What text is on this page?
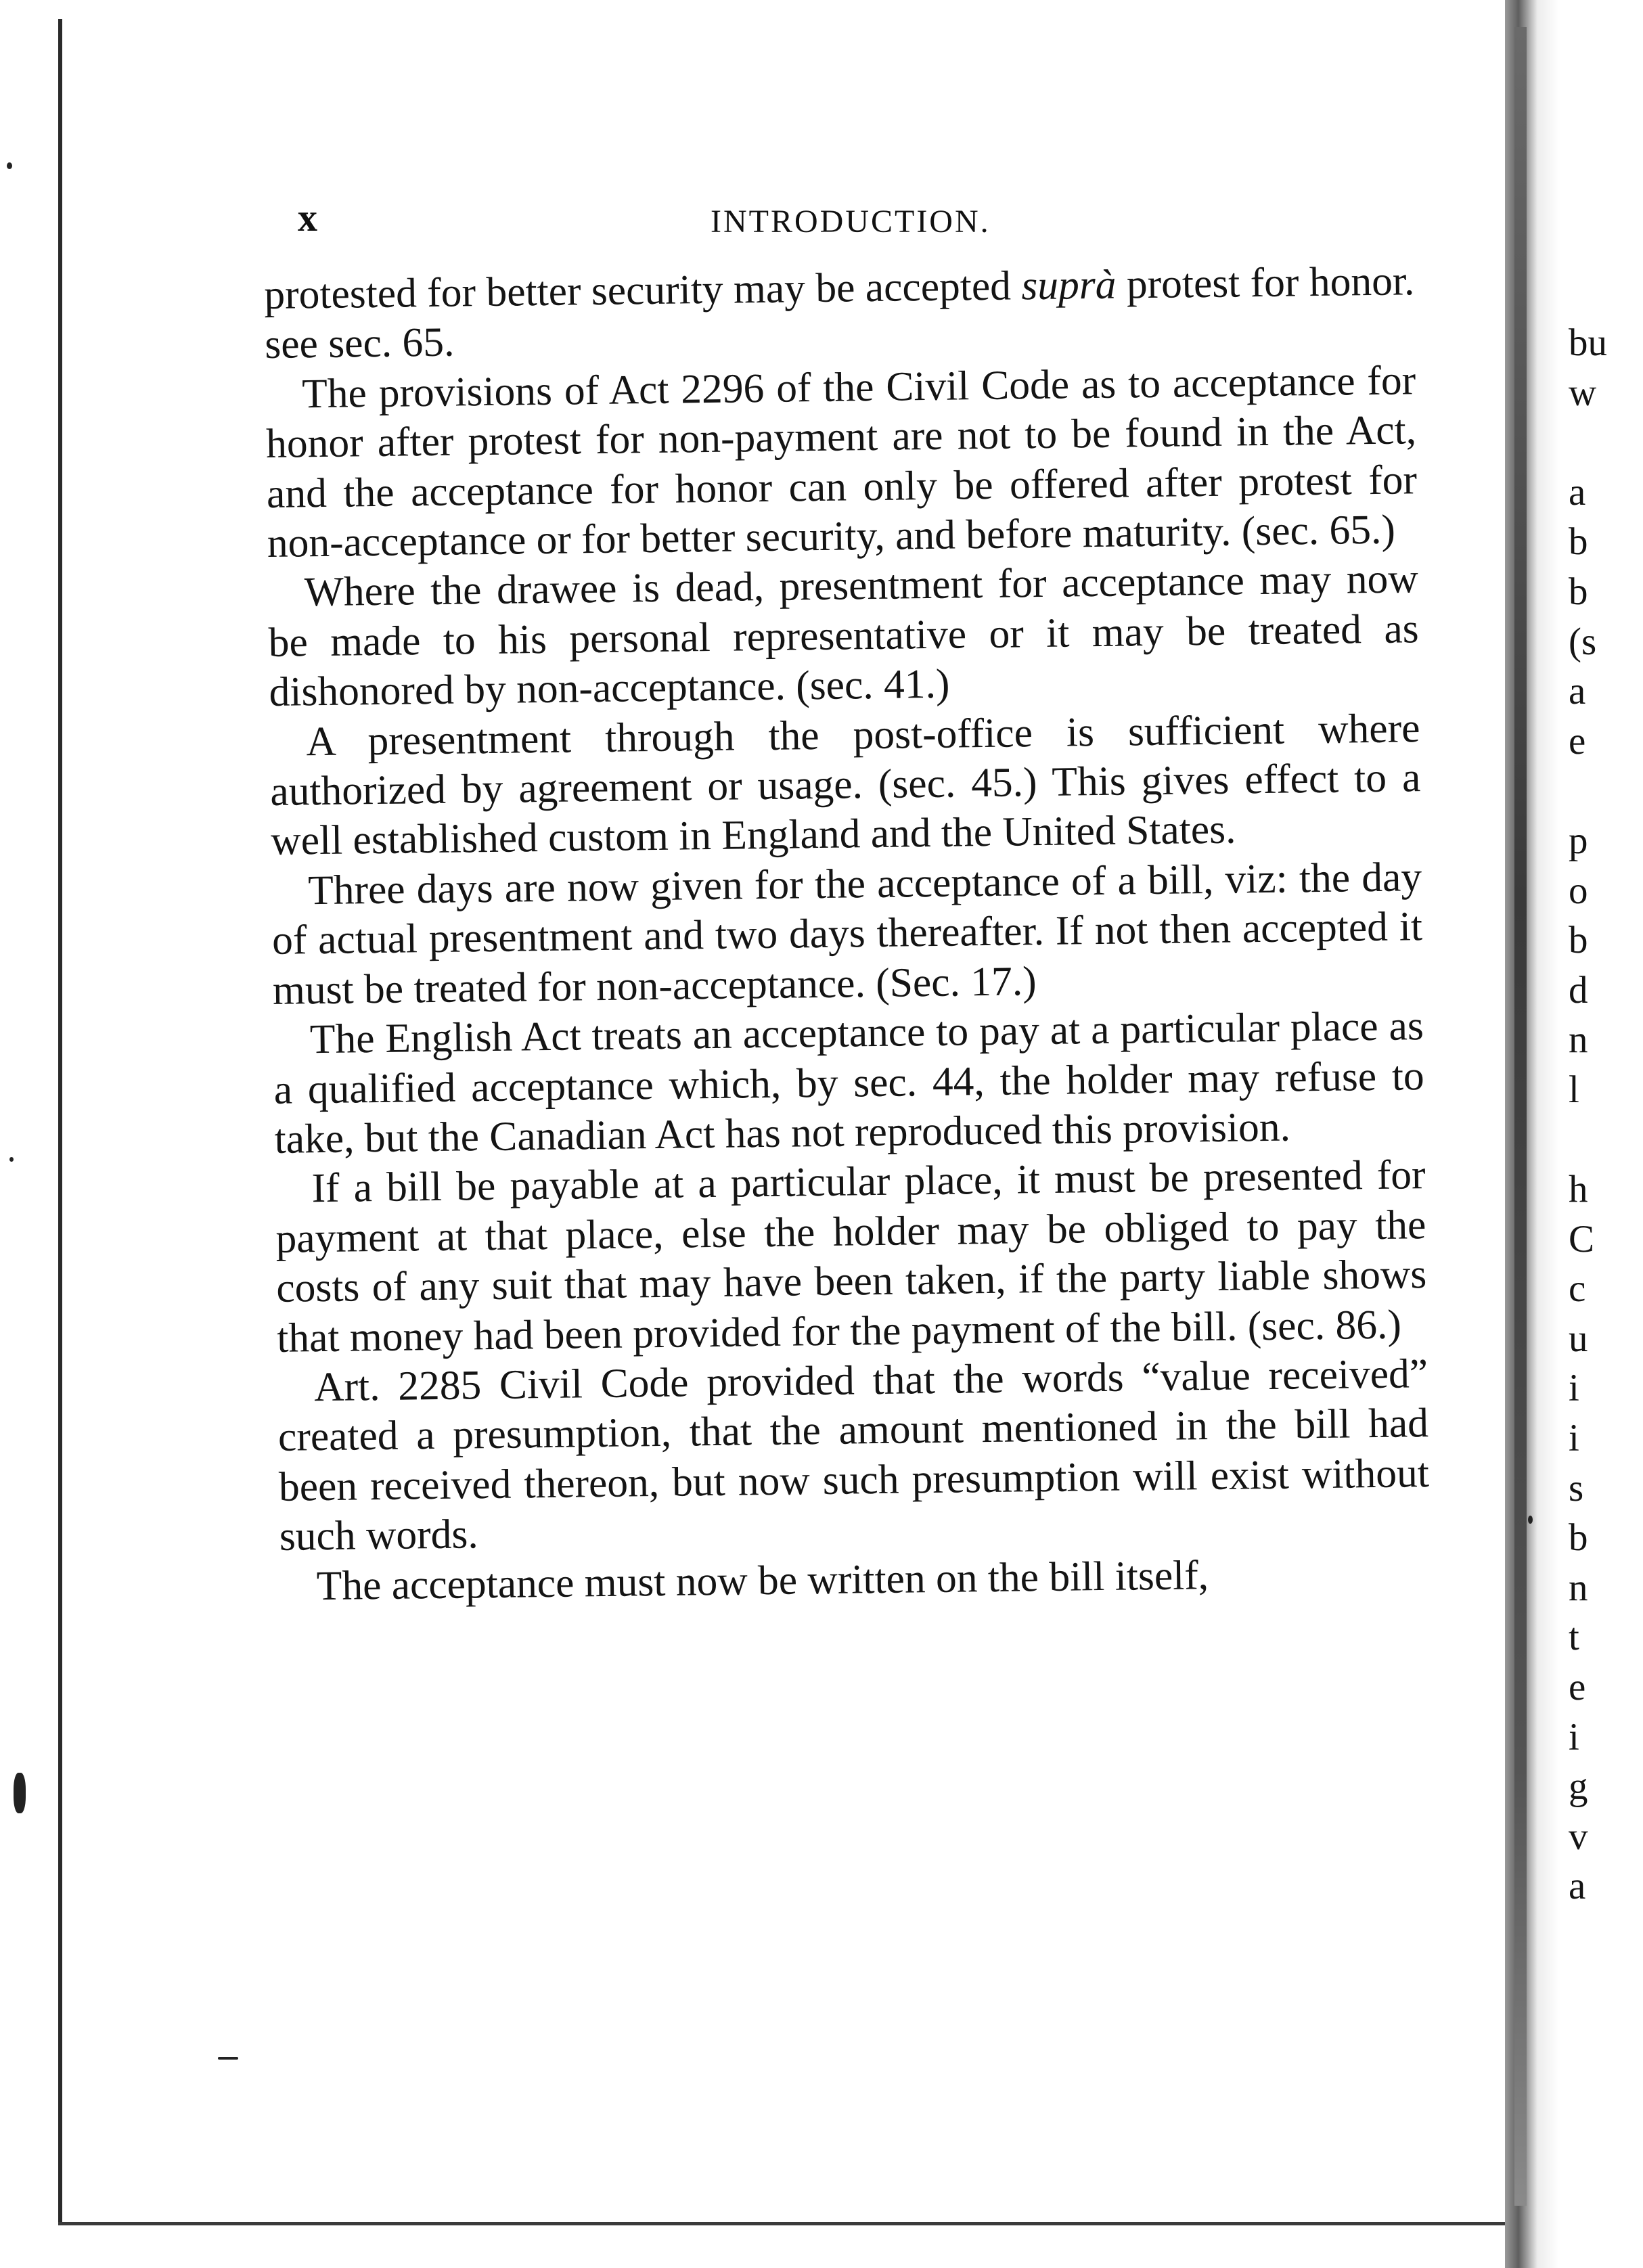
x	INTRODUCTION.

protested for better security may be accepted suprà protest for honor. see sec. 65.

The provisions of Act 2296 of the Civil Code as to acceptance for honor after protest for non-payment are not to be found in the Act, and the acceptance for honor can only be offered after protest for non-acceptance or for better security, and before maturity. (sec. 65.)

Where the drawee is dead, presentment for acceptance may now be made to his personal representative or it may be treated as dishonored by non-acceptance. (sec. 41.)

A presentment through the post-office is sufficient where authorized by agreement or usage. (sec. 45.) This gives effect to a well established custom in England and the United States.

Three days are now given for the acceptance of a bill, viz: the day of actual presentment and two days thereafter. If not then accepted it must be treated for non-acceptance. (Sec. 17.)

The English Act treats an acceptance to pay at a particular place as a qualified acceptance which, by sec. 44, the holder may refuse to take, but the Canadian Act has not reproduced this provision.

If a bill be payable at a particular place, it must be presented for payment at that place, else the holder may be obliged to pay the costs of any suit that may have been taken, if the party liable shows that money had been provided for the payment of the bill. (sec. 86.)

Art. 2285 Civil Code provided that the words “value received” created a presumption, that the amount mentioned in the bill had been received thereon, but now such presumption will exist without such words.

The acceptance must now be written on the bill itself,

bu
w

a
b
b
(s
a
e

p
o
b
d
n
l

h
C
c
u
i
i
s
b
n
t
e
i
g
v
a
